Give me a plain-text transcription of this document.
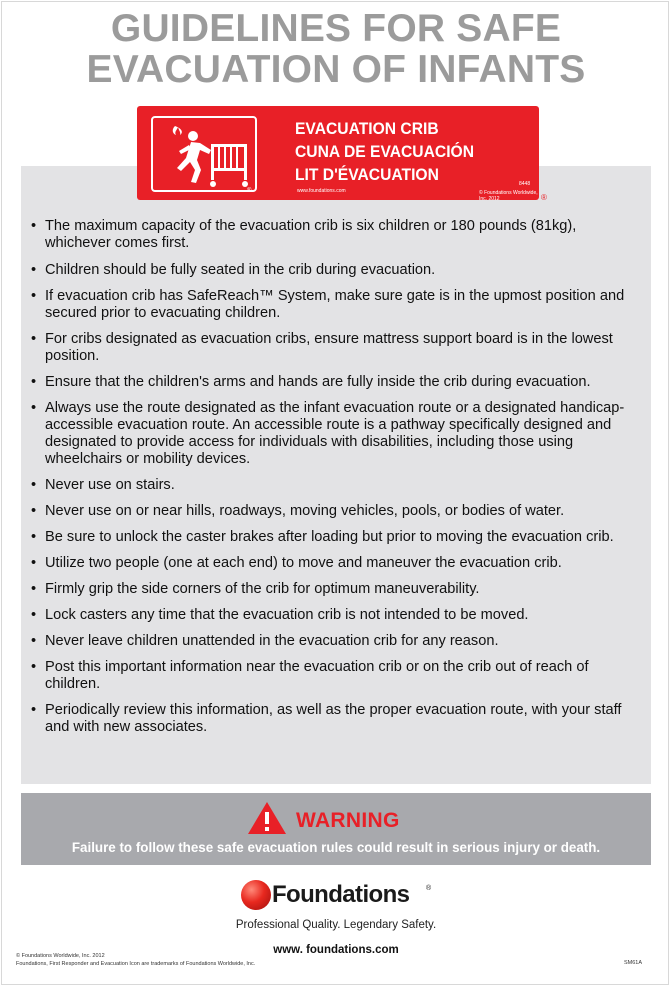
GUIDELINES FOR SAFE
EVACUATION OF INFANTS
EVACUATION CRIB
CUNA DE EVACUACIÓN
LIT D'ÉVACUATION
www.foundations.com
8448
© Foundations Worldwide, Inc. 2012
®
®
• The maximum capacity of the evacuation crib is six children or 180 pounds (81kg), whichever comes first.
• Children should be fully seated in the crib during evacuation.
• If evacuation crib has SafeReach™ System, make sure gate is in the upmost position and secured prior to evacuating children.
• For cribs designated as evacuation cribs, ensure mattress support board is in the lowest position.
• Ensure that the children's arms and hands are fully inside the crib during evacuation.
• Always use the route designated as the infant evacuation route or a designated handicap-accessible evacuation route. An accessible route is a pathway specifically designed and designated to provide access for individuals with disabilities, including those using wheelchairs or mobility devices.
• Never use on stairs.
• Never use on or near hills, roadways, moving vehicles, pools, or bodies of water.
• Be sure to unlock the caster brakes after loading but prior to moving the evacuation crib.
• Utilize two people (one at each end) to move and maneuver the evacuation crib.
• Firmly grip the side corners of the crib for optimum maneuverability.
• Lock casters any time that the evacuation crib is not intended to be moved.
• Never leave children unattended in the evacuation crib for any reason.
• Post this important information near the evacuation crib or on the crib out of reach of children.
• Periodically review this information, as well as the proper evacuation route, with your staff and with new associates.
WARNING
Failure to follow these safe evacuation rules could result in serious injury or death.
Foundations ®
Professional Quality. Legendary Safety.
www. foundations.com
© Foundations Worldwide, Inc. 2012
Foundations, First Responder and Evacuation Icon are trademarks of Foundations Worldwide, Inc.	SM61A
